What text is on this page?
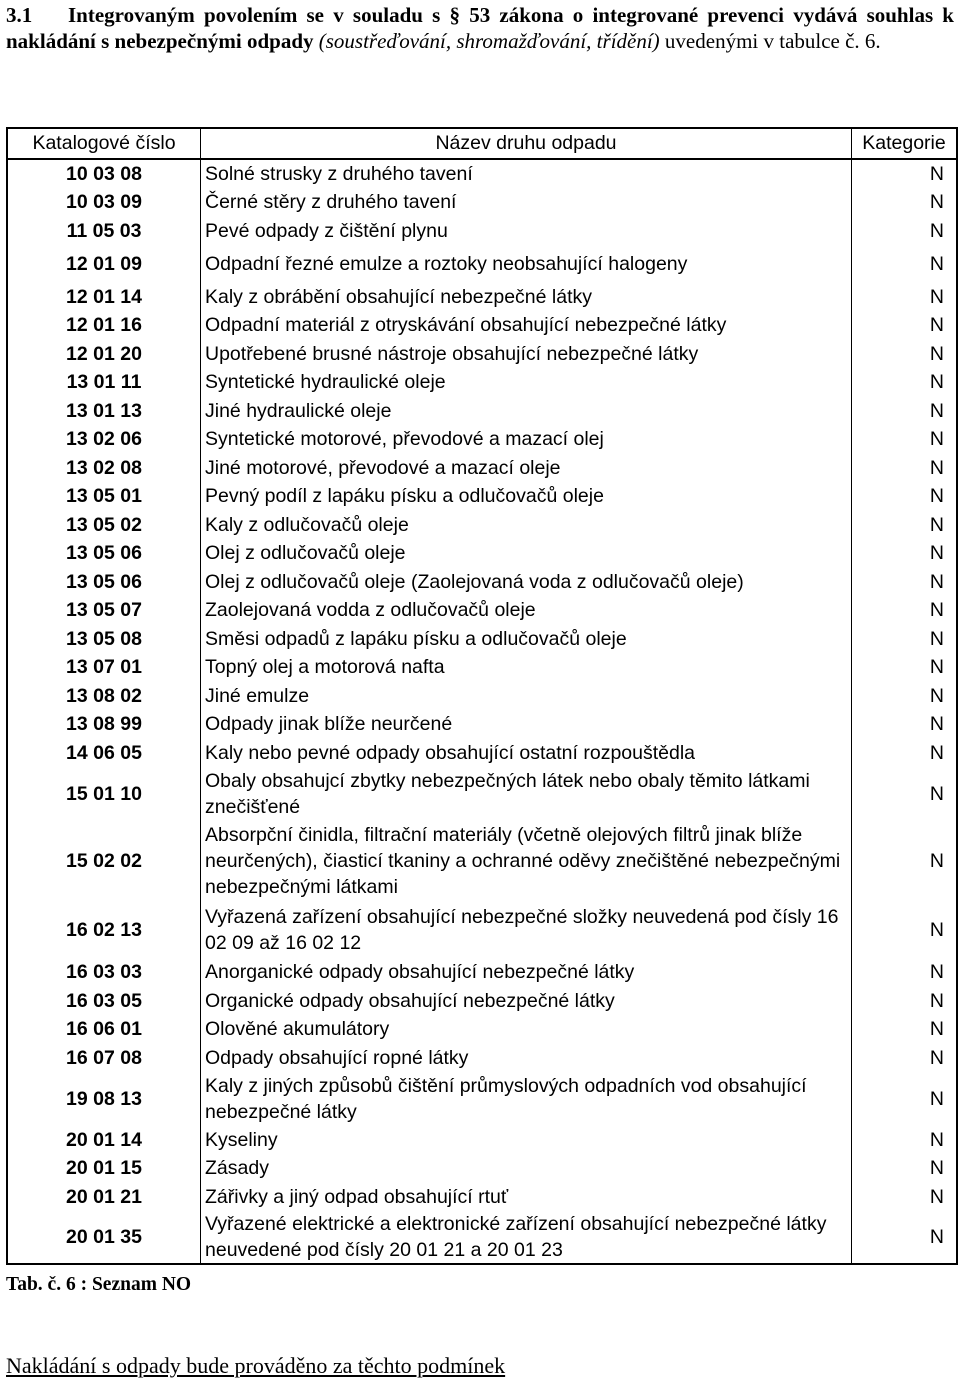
3.1 Integrovaným povolením se v souladu s § 53 zákona o integrované prevenci vydává souhlas k nakládání s nebezpečnými odpady (soustřeďování, shromažďování, třídění) uvedenými v tabulce č. 6.
Katalogové číslo	Název druhu odpadu	Kategorie
10 03 08	Solné strusky z druhého tavení	N
10 03 09	Černé stěry z druhého tavení	N
11 05 03	Pevé odpady z čištění plynu	N
12 01 09	Odpadní řezné emulze a roztoky neobsahující halogeny	N
12 01 14	Kaly z obrábění obsahující nebezpečné látky	N
12 01 16	Odpadní materiál z otryskávání obsahující nebezpečné látky	N
12 01 20	Upotřebené brusné nástroje obsahující nebezpečné látky	N
13 01 11	Syntetické hydraulické oleje	N
13 01 13	Jiné hydraulické oleje	N
13 02 06	Syntetické motorové, převodové a mazací olej	N
13 02 08	Jiné motorové, převodové a mazací oleje	N
13 05 01	Pevný podíl z lapáku písku a odlučovačů oleje	N
13 05 02	Kaly z odlučovačů oleje	N
13 05 06	Olej z odlučovačů oleje	N
13 05 06	Olej z odlučovačů oleje (Zaolejovaná voda z odlučovačů oleje)	N
13 05 07	Zaolejovaná vodda z odlučovačů oleje	N
13 05 08	Směsi odpadů z lapáku písku a odlučovačů oleje	N
13 07 01	Topný olej a motorová nafta	N
13 08 02	Jiné emulze	N
13 08 99	Odpady jinak blíže neurčené	N
14 06 05	Kaly nebo pevné odpady obsahující ostatní rozpouštědla	N
15 01 10	Obaly obsahujcí zbytky nebezpečných látek nebo obaly těmito látkami znečišťené	N
15 02 02	Absorpční činidla, filtrační materiály (včetně olejových filtrů jinak blíže neurčených), čiasticí tkaniny a ochranné oděvy znečištěné nebezpečnými nebezpečnými látkami	N
16 02 13	Vyřazená zařízení obsahující nebezpečné složky neuvedená pod čísly 16 02 09 až 16 02 12	N
16 03 03	Anorganické odpady obsahující nebezpečné látky	N
16 03 05	Organické odpady obsahující nebezpečné látky	N
16 06 01	Olověné akumulátory	N
16 07 08	Odpady obsahující ropné látky	N
19 08 13	Kaly z jiných způsobů čištění průmyslových odpadních vod obsahující nebezpečné látky	N
20 01 14	Kyseliny	N
20 01 15	Zásady	N
20 01 21	Zářivky a jiný odpad obsahující rtuť	N
20 01 35	Vyřazené elektrické a elektronické zařízení obsahující nebezpečné látky neuvedené pod čísly 20 01 21 a 20 01 23	N
Tab. č. 6 : Seznam NO
Nakládání s odpady bude prováděno za těchto podmínek
